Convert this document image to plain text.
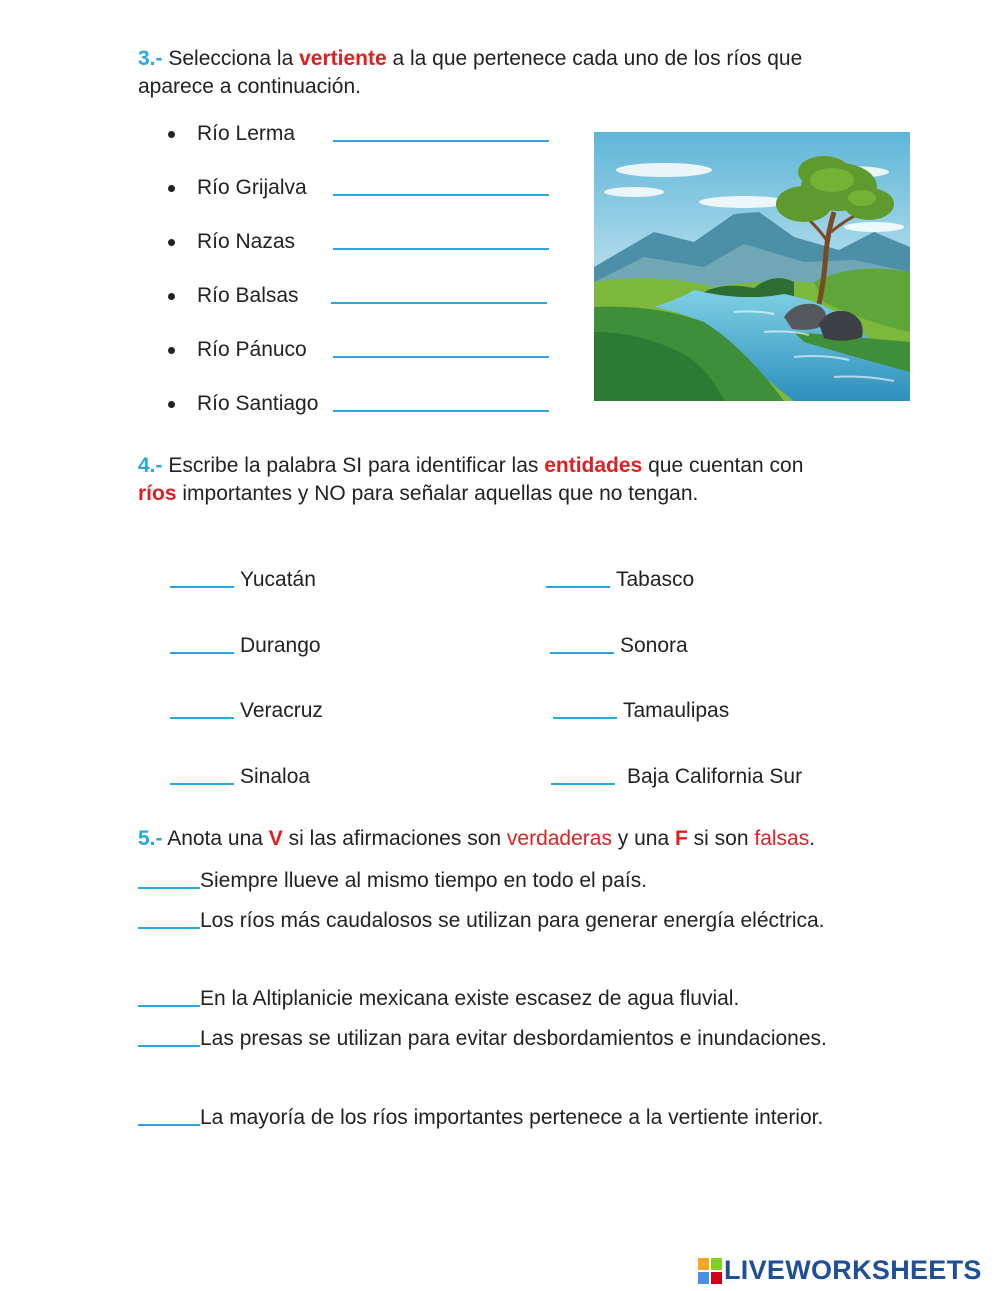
3.- Selecciona la vertiente a la que pertenece cada uno de los ríos que
aparece a continuación.
Río Lerma
Río Grijalva
Río Nazas
Río Balsas
Río Pánuco
Río Santiago
4.- Escribe la palabra SI para identificar las entidades que cuentan con
ríos importantes y NO para señalar aquellas que no tengan.
Yucatán
Durango
Veracruz
Sinaloa
Tabasco
Sonora
Tamaulipas
Baja California Sur
5.- Anota una V si las afirmaciones son verdaderas y una F si son falsas.
Siempre llueve al mismo tiempo en todo el país.
Los ríos más caudalosos se utilizan para generar energía eléctrica.
En la Altiplanicie mexicana existe escasez de agua fluvial.
Las presas se utilizan para evitar desbordamientos e inundaciones.
La mayoría de los ríos importantes pertenece a la vertiente interior.
LIVEWORKSHEETS
